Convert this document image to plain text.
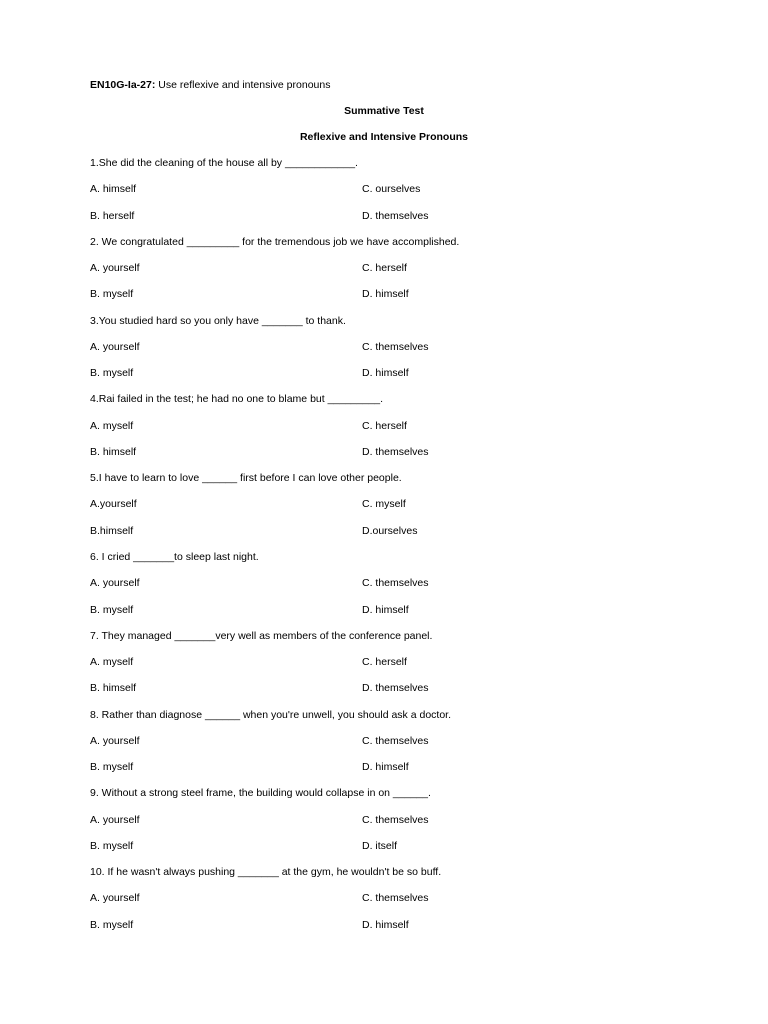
EN10G-Ia-27: Use reflexive and intensive pronouns
Summative Test
Reflexive and Intensive Pronouns
1.She did the cleaning of the house all by ____________.
A. himself	C. ourselves
B. herself	D. themselves
2. We congratulated _________ for the tremendous job we have accomplished.
A. yourself	C. herself
B. myself	D. himself
3.You studied hard so you only have _______ to thank.
A. yourself	C. themselves
B. myself	D. himself
4.Rai failed in the test; he had no one to blame but _________.
A. myself	C. herself
B. himself	D. themselves
5.I have to learn to love ______ first before I can love other people.
A.yourself	C. myself
B.himself	D.ourselves
6. I cried _______to sleep last night.
A. yourself	C. themselves
B. myself	D. himself
7. They managed _______very well as members of the conference panel.
A. myself	C. herself
B. himself	D. themselves
8. Rather than diagnose ______ when you're unwell, you should ask a doctor.
A. yourself	C. themselves
B. myself	D. himself
9. Without a strong steel frame, the building would collapse in on ______.
A. yourself	C. themselves
B. myself	D. itself
10. If he wasn't always pushing _______ at the gym, he wouldn't be so buff.
A. yourself	C. themselves
B. myself	D. himself
